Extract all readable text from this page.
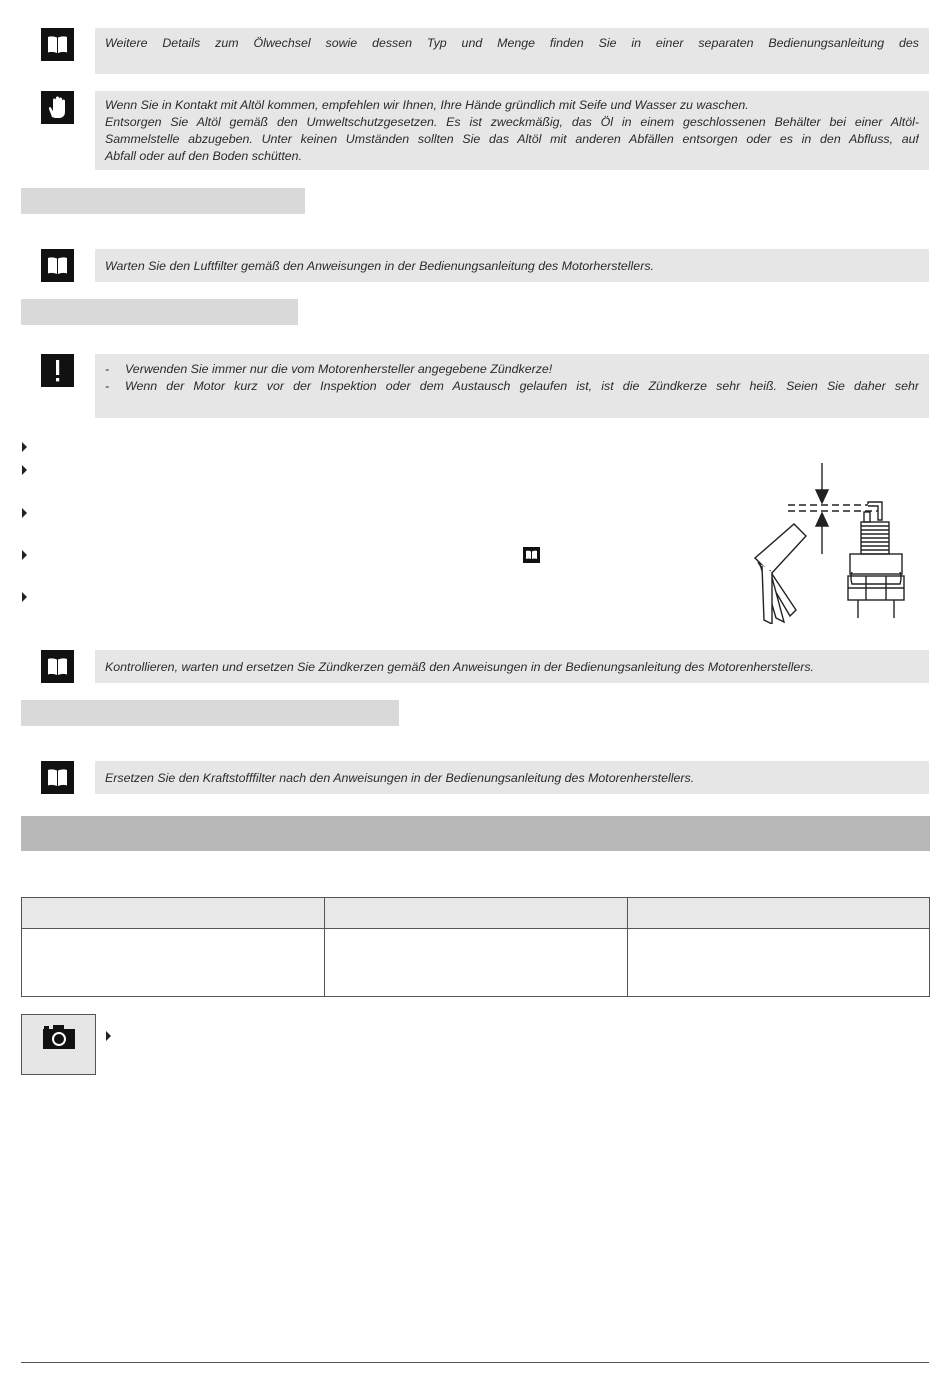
Weitere Details zum Ölwechsel sowie dessen Typ und Menge finden Sie in einer separaten Bedienungsanleitung des

Wenn Sie in Kontakt mit Altöl kommen, empfehlen wir Ihnen, Ihre Hände gründlich mit Seife und Wasser zu waschen.

Entsorgen Sie Altöl gemäß den Umweltschutzgesetzen. Es ist zweckmäßig, das Öl in einem geschlossenen Behälter bei einer Altöl-

Sammelstelle abzugeben. Unter keinen Umständen sollten Sie das Altöl mit anderen Abfällen entsorgen oder es in den Abfluss, auf

Abfall oder auf den Boden schütten.

Warten Sie den Luftfilter gemäß den Anweisungen in der Bedienungsanleitung des Motorherstellers.

-	Verwenden Sie immer nur die vom Motorenhersteller angegebene Zündkerze!
-	Wenn der Motor kurz vor der Inspektion oder dem Austausch gelaufen ist, ist die Zündkerze sehr heiß. Seien Sie daher sehr

Kontrollieren, warten und ersetzen Sie Zündkerzen gemäß den Anweisungen in der Bedienungsanleitung des Motorenherstellers.

Ersetzen Sie den Kraftstofffilter nach den Anweisungen in der Bedienungsanleitung des Motorenherstellers.
